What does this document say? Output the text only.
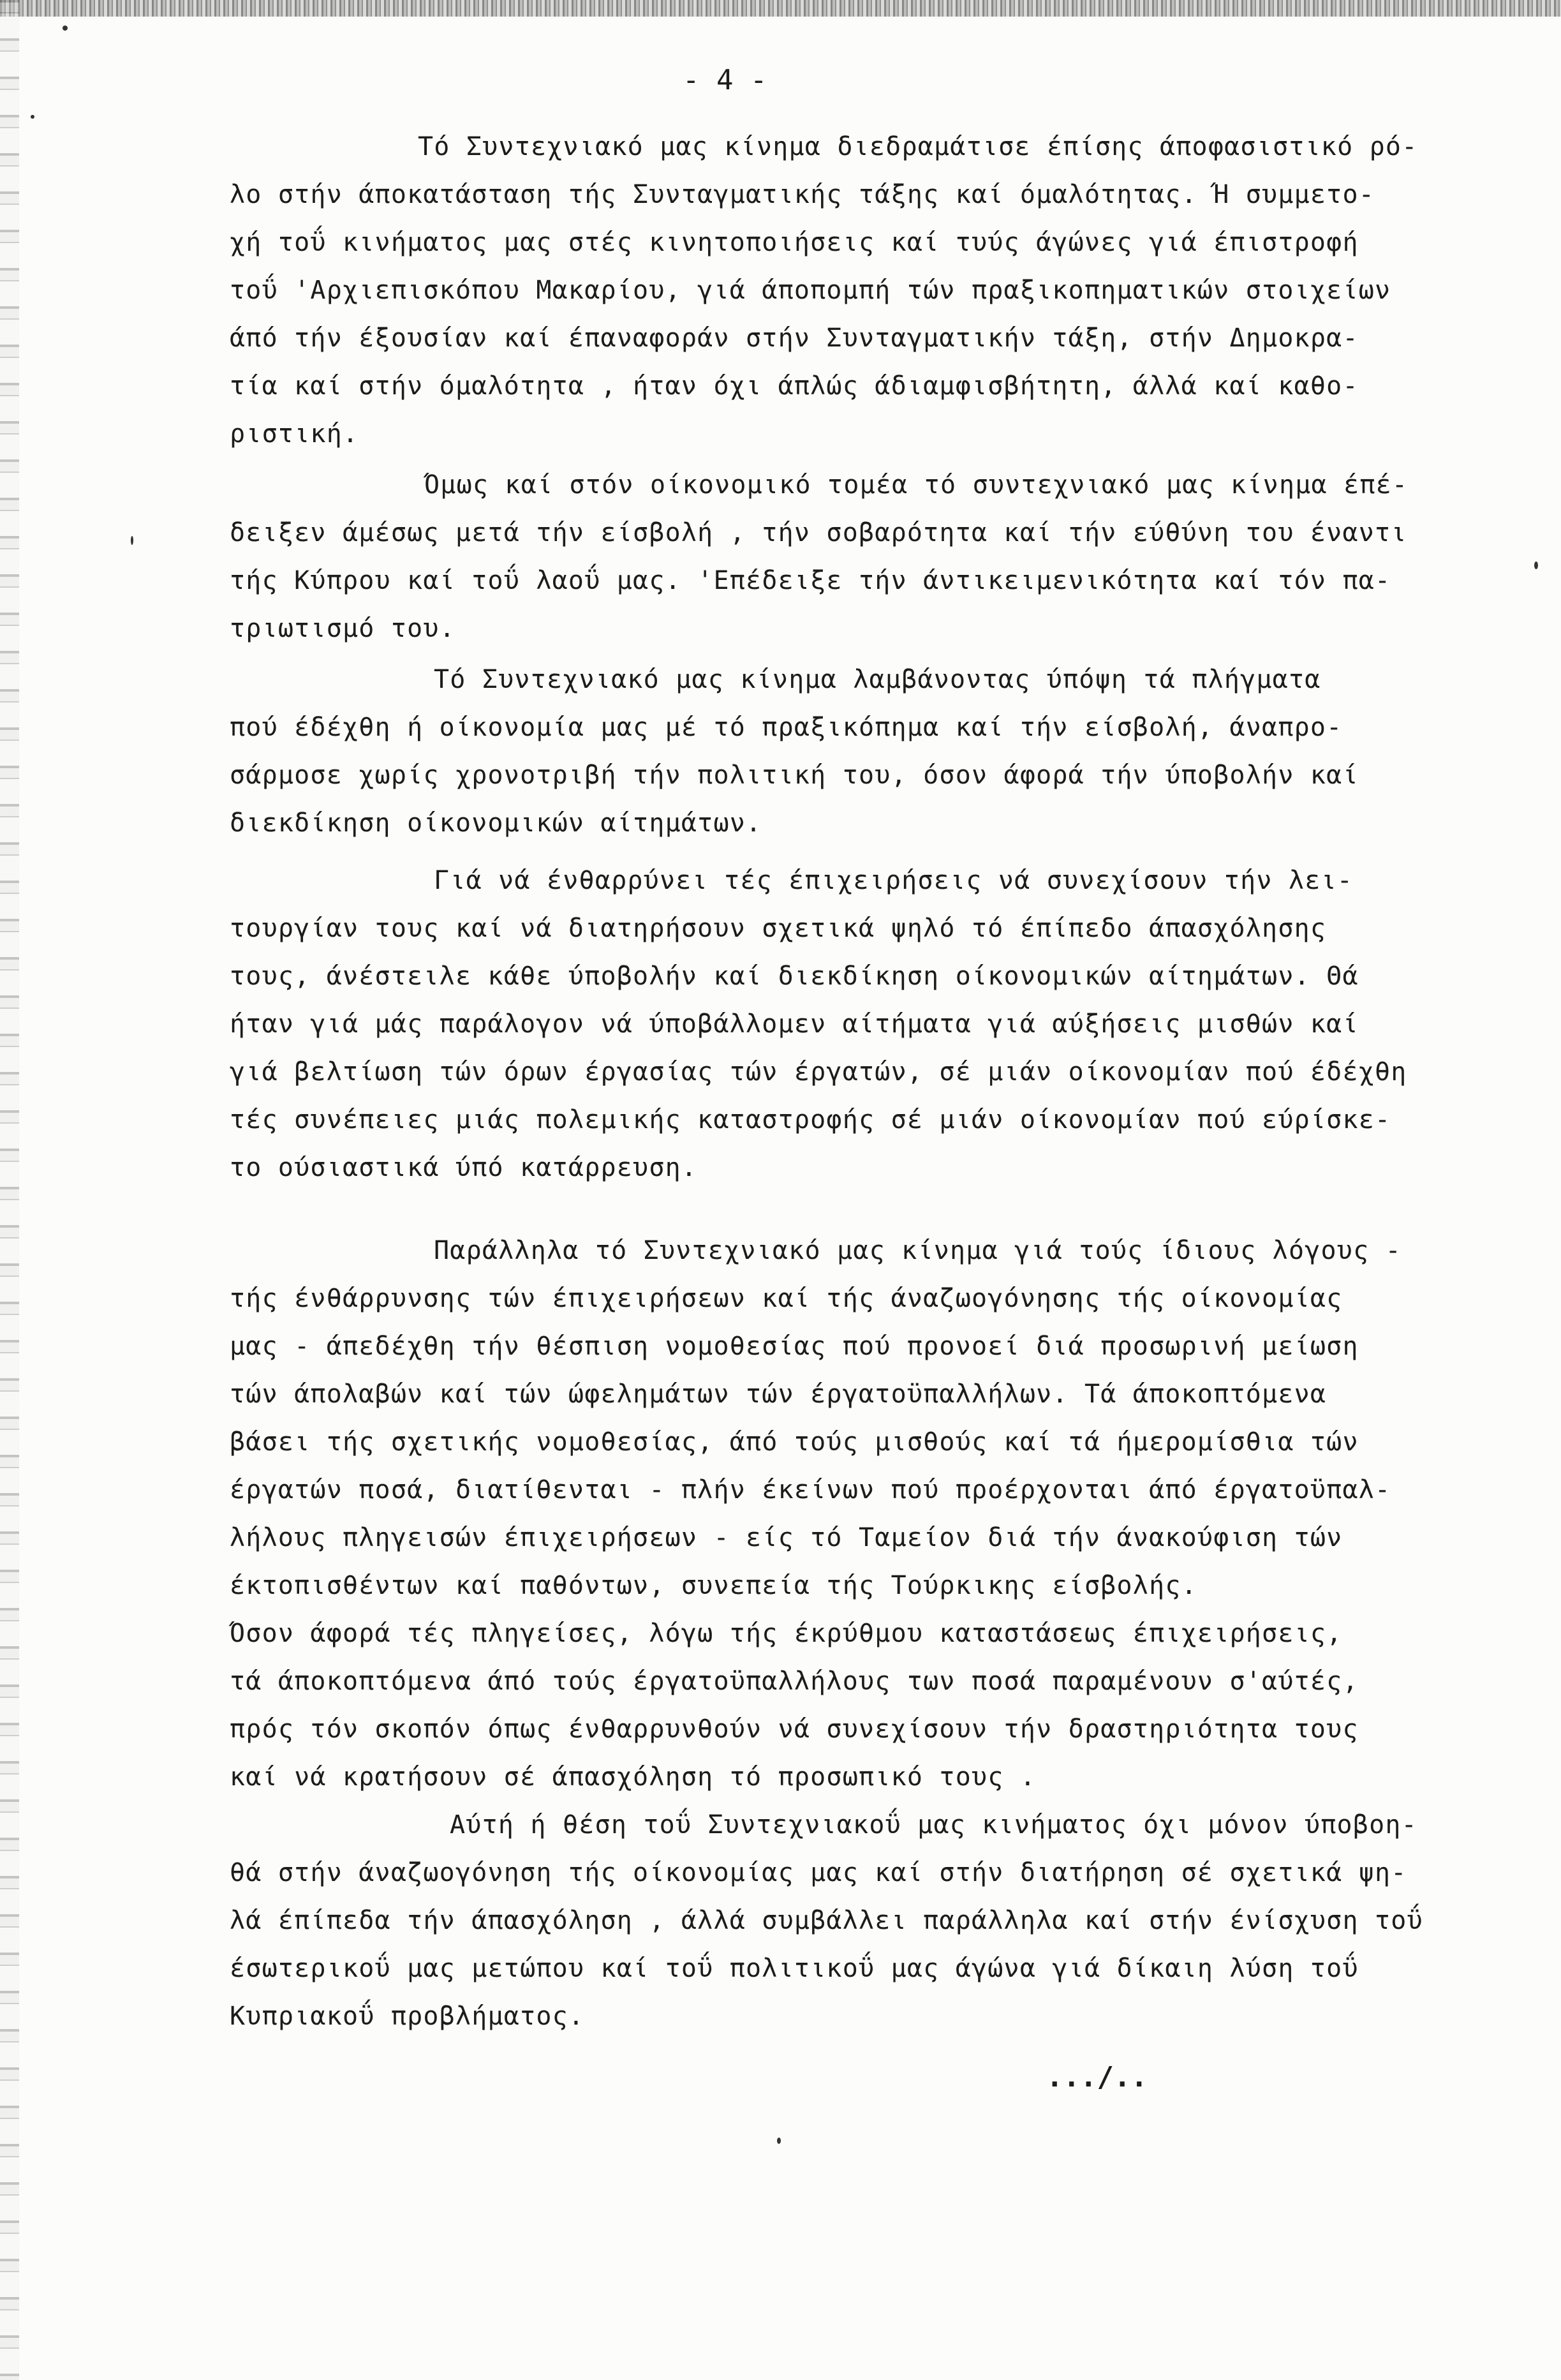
- 4 -
Τό Συντεχνιακό μας κίνημα διεδραμάτισε έπίσης άποφασιστικό ρό-
λο στήν άποκατάσταση τής Συνταγματικής τάξης καί όμαλότητας. Ή συμμετο-
χή τοΰ κινήματος μας στές κινητοποιήσεις καί τυύς άγώνες γιά έπιστροφή
τοΰ 'Αρχιεπισκόπου Μακαρίου, γιά άποπομπή τών πραξικοπηματικών στοιχείων
άπό τήν έξουσίαν καί έπαναφοράν στήν Συνταγματικήν τάξη, στήν Δημοκρα-
τία καί στήν όμαλότητα , ήταν όχι άπλώς άδιαμφισβήτητη, άλλά καί καθο-
ριστική.
Όμως καί στόν οίκονομικό τομέα τό συντεχνιακό μας κίνημα έπέ-
δειξεν άμέσως μετά τήν είσβολή , τήν σοβαρότητα καί τήν εύθύνη του έναντι
τής Κύπρου καί τοΰ λαοΰ μας. 'Επέδειξε τήν άντικειμενικότητα καί τόν πα-
τριωτισμό του.
Τό Συντεχνιακό μας κίνημα λαμβάνοντας ύπόψη τά πλήγματα
πού έδέχθη ή οίκονομία μας μέ τό πραξικόπημα καί τήν είσβολή, άναπρο-
σάρμοσε χωρίς χρονοτριβή τήν πολιτική του, όσον άφορά τήν ύποβολήν καί
διεκδίκηση οίκονομικών αίτημάτων.
Γιά νά ένθαρρύνει τές έπιχειρήσεις νά συνεχίσουν τήν λει-
τουργίαν τους καί νά διατηρήσουν σχετικά ψηλό τό έπίπεδο άπασχόλησης
τους, άνέστειλε κάθε ύποβολήν καί διεκδίκηση οίκονομικών αίτημάτων. Θά
ήταν γιά μάς παράλογον νά ύποβάλλομεν αίτήματα γιά αύξήσεις μισθών καί
γιά βελτίωση τών όρων έργασίας τών έργατών, σέ μιάν οίκονομίαν πού έδέχθη
τές συνέπειες μιάς πολεμικής καταστροφής σέ μιάν οίκονομίαν πού εύρίσκε-
το ούσιαστικά ύπό κατάρρευση.
Παράλληλα τό Συντεχνιακό μας κίνημα γιά τούς ίδιους λόγους -
τής ένθάρρυνσης τών έπιχειρήσεων καί τής άναζωογόνησης τής οίκονομίας
μας - άπεδέχθη τήν θέσπιση νομοθεσίας πού προνοεί διά προσωρινή μείωση
τών άπολαβών καί τών ώφελημάτων τών έργατοϋπαλλήλων. Τά άποκοπτόμενα
βάσει τής σχετικής νομοθεσίας, άπό τούς μισθούς καί τά ήμερομίσθια τών
έργατών ποσά, διατίθενται - πλήν έκείνων πού προέρχονται άπό έργατοϋπαλ-
λήλους πληγεισών έπιχειρήσεων - είς τό Ταμείον διά τήν άνακούφιση τών
έκτοπισθέντων καί παθόντων, συνεπεία τής Τούρκικης είσβολής.
Όσον άφορά τές πληγείσες, λόγω τής έκρύθμου καταστάσεως έπιχειρήσεις,
τά άποκοπτόμενα άπό τούς έργατοϋπαλλήλους των ποσά παραμένουν σ'αύτές,
πρός τόν σκοπόν όπως ένθαρρυνθούν νά συνεχίσουν τήν δραστηριότητα τους
καί νά κρατήσουν σέ άπασχόληση τό προσωπικό τους .
Αύτή ή θέση τοΰ Συντεχνιακοΰ μας κινήματος όχι μόνον ύποβοη-
θά στήν άναζωογόνηση τής οίκονομίας μας καί στήν διατήρηση σέ σχετικά ψη-
λά έπίπεδα τήν άπασχόληση , άλλά συμβάλλει παράλληλα καί στήν ένίσχυση τοΰ
έσωτερικοΰ μας μετώπου καί τοΰ πολιτικοΰ μας άγώνα γιά δίκαιη λύση τοΰ
Κυπριακοΰ προβλήματος.
.../..
